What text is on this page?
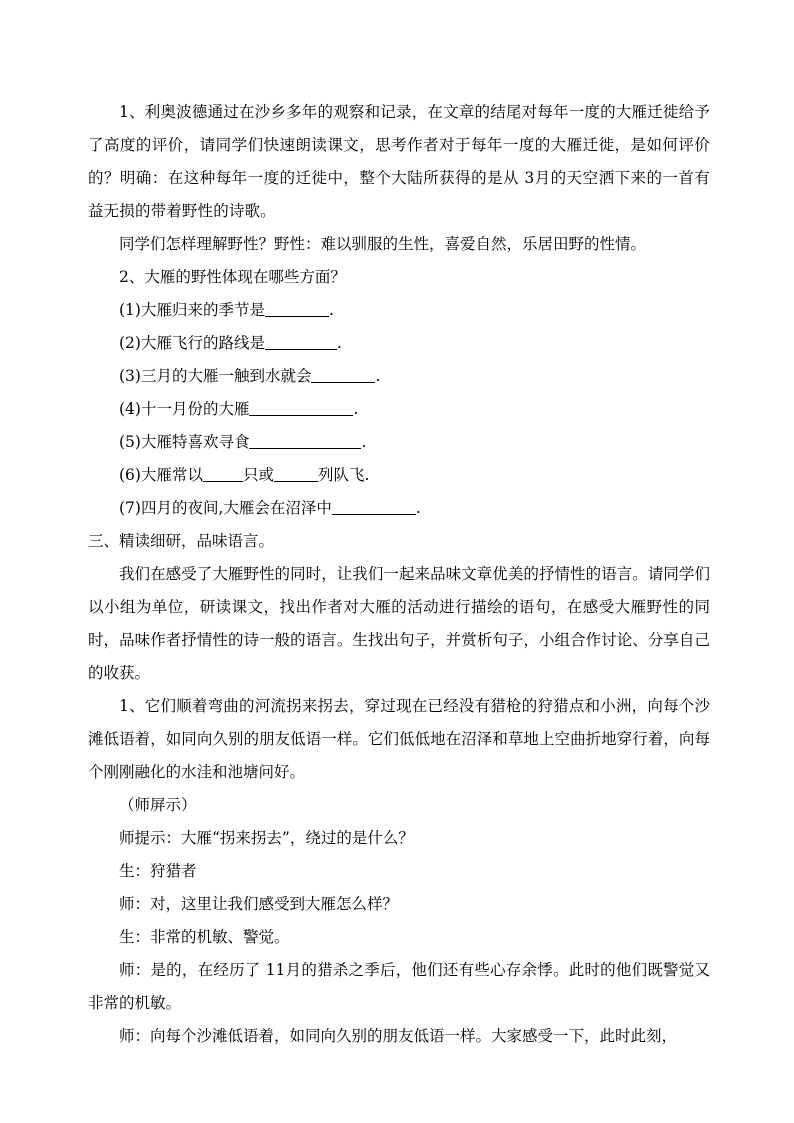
1、利奥波德通过在沙乡多年的观察和记录，在文章的结尾对每年一度的大雁迁徙给予了高度的评价，请同学们快速朗读课文，思考作者对于每年一度的大雁迁徙，是如何评价的？明确：在这种每年一度的迁徙中，整个大陆所获得的是从 3月的天空洒下来的一首有益无损的带着野性的诗歌。

同学们怎样理解野性？野性：难以驯服的生性，喜爱自然，乐居田野的性情。

2、大雁的野性体现在哪些方面？

(1)大雁归来的季节是	.

(2)大雁飞行的路线是	.

(3)三月的大雁一触到水就会	.

(4)十一月份的大雁	.

(5)大雁特喜欢寻食	.

(6)大雁常以	只或	列队飞.

(7)四月的夜间,大雁会在沼泽中	.

三、精读细研，品味语言。

我们在感受了大雁野性的同时，让我们一起来品味文章优美的抒情性的语言。请同学们以小组为单位，研读课文，找出作者对大雁的活动进行描绘的语句，在感受大雁野性的同时，品味作者抒情性的诗一般的语言。生找出句子，并赏析句子，小组合作讨论、分享自己的收获。

1、它们顺着弯曲的河流拐来拐去，穿过现在已经没有猎枪的狩猎点和小洲，向每个沙滩低语着，如同向久别的朋友低语一样。它们低低地在沼泽和草地上空曲折地穿行着，向每个刚刚融化的水洼和池塘问好。

（师屏示）

师提示：大雁“拐来拐去”，绕过的是什么？

生：狩猎者

师：对，这里让我们感受到大雁怎么样？

生：非常的机敏、警觉。

师：是的，在经历了 11月的猎杀之季后，他们还有些心存余悸。此时的他们既警觉又非常的机敏。

师：向每个沙滩低语着，如同向久别的朋友低语一样。大家感受一下，此时此刻，
